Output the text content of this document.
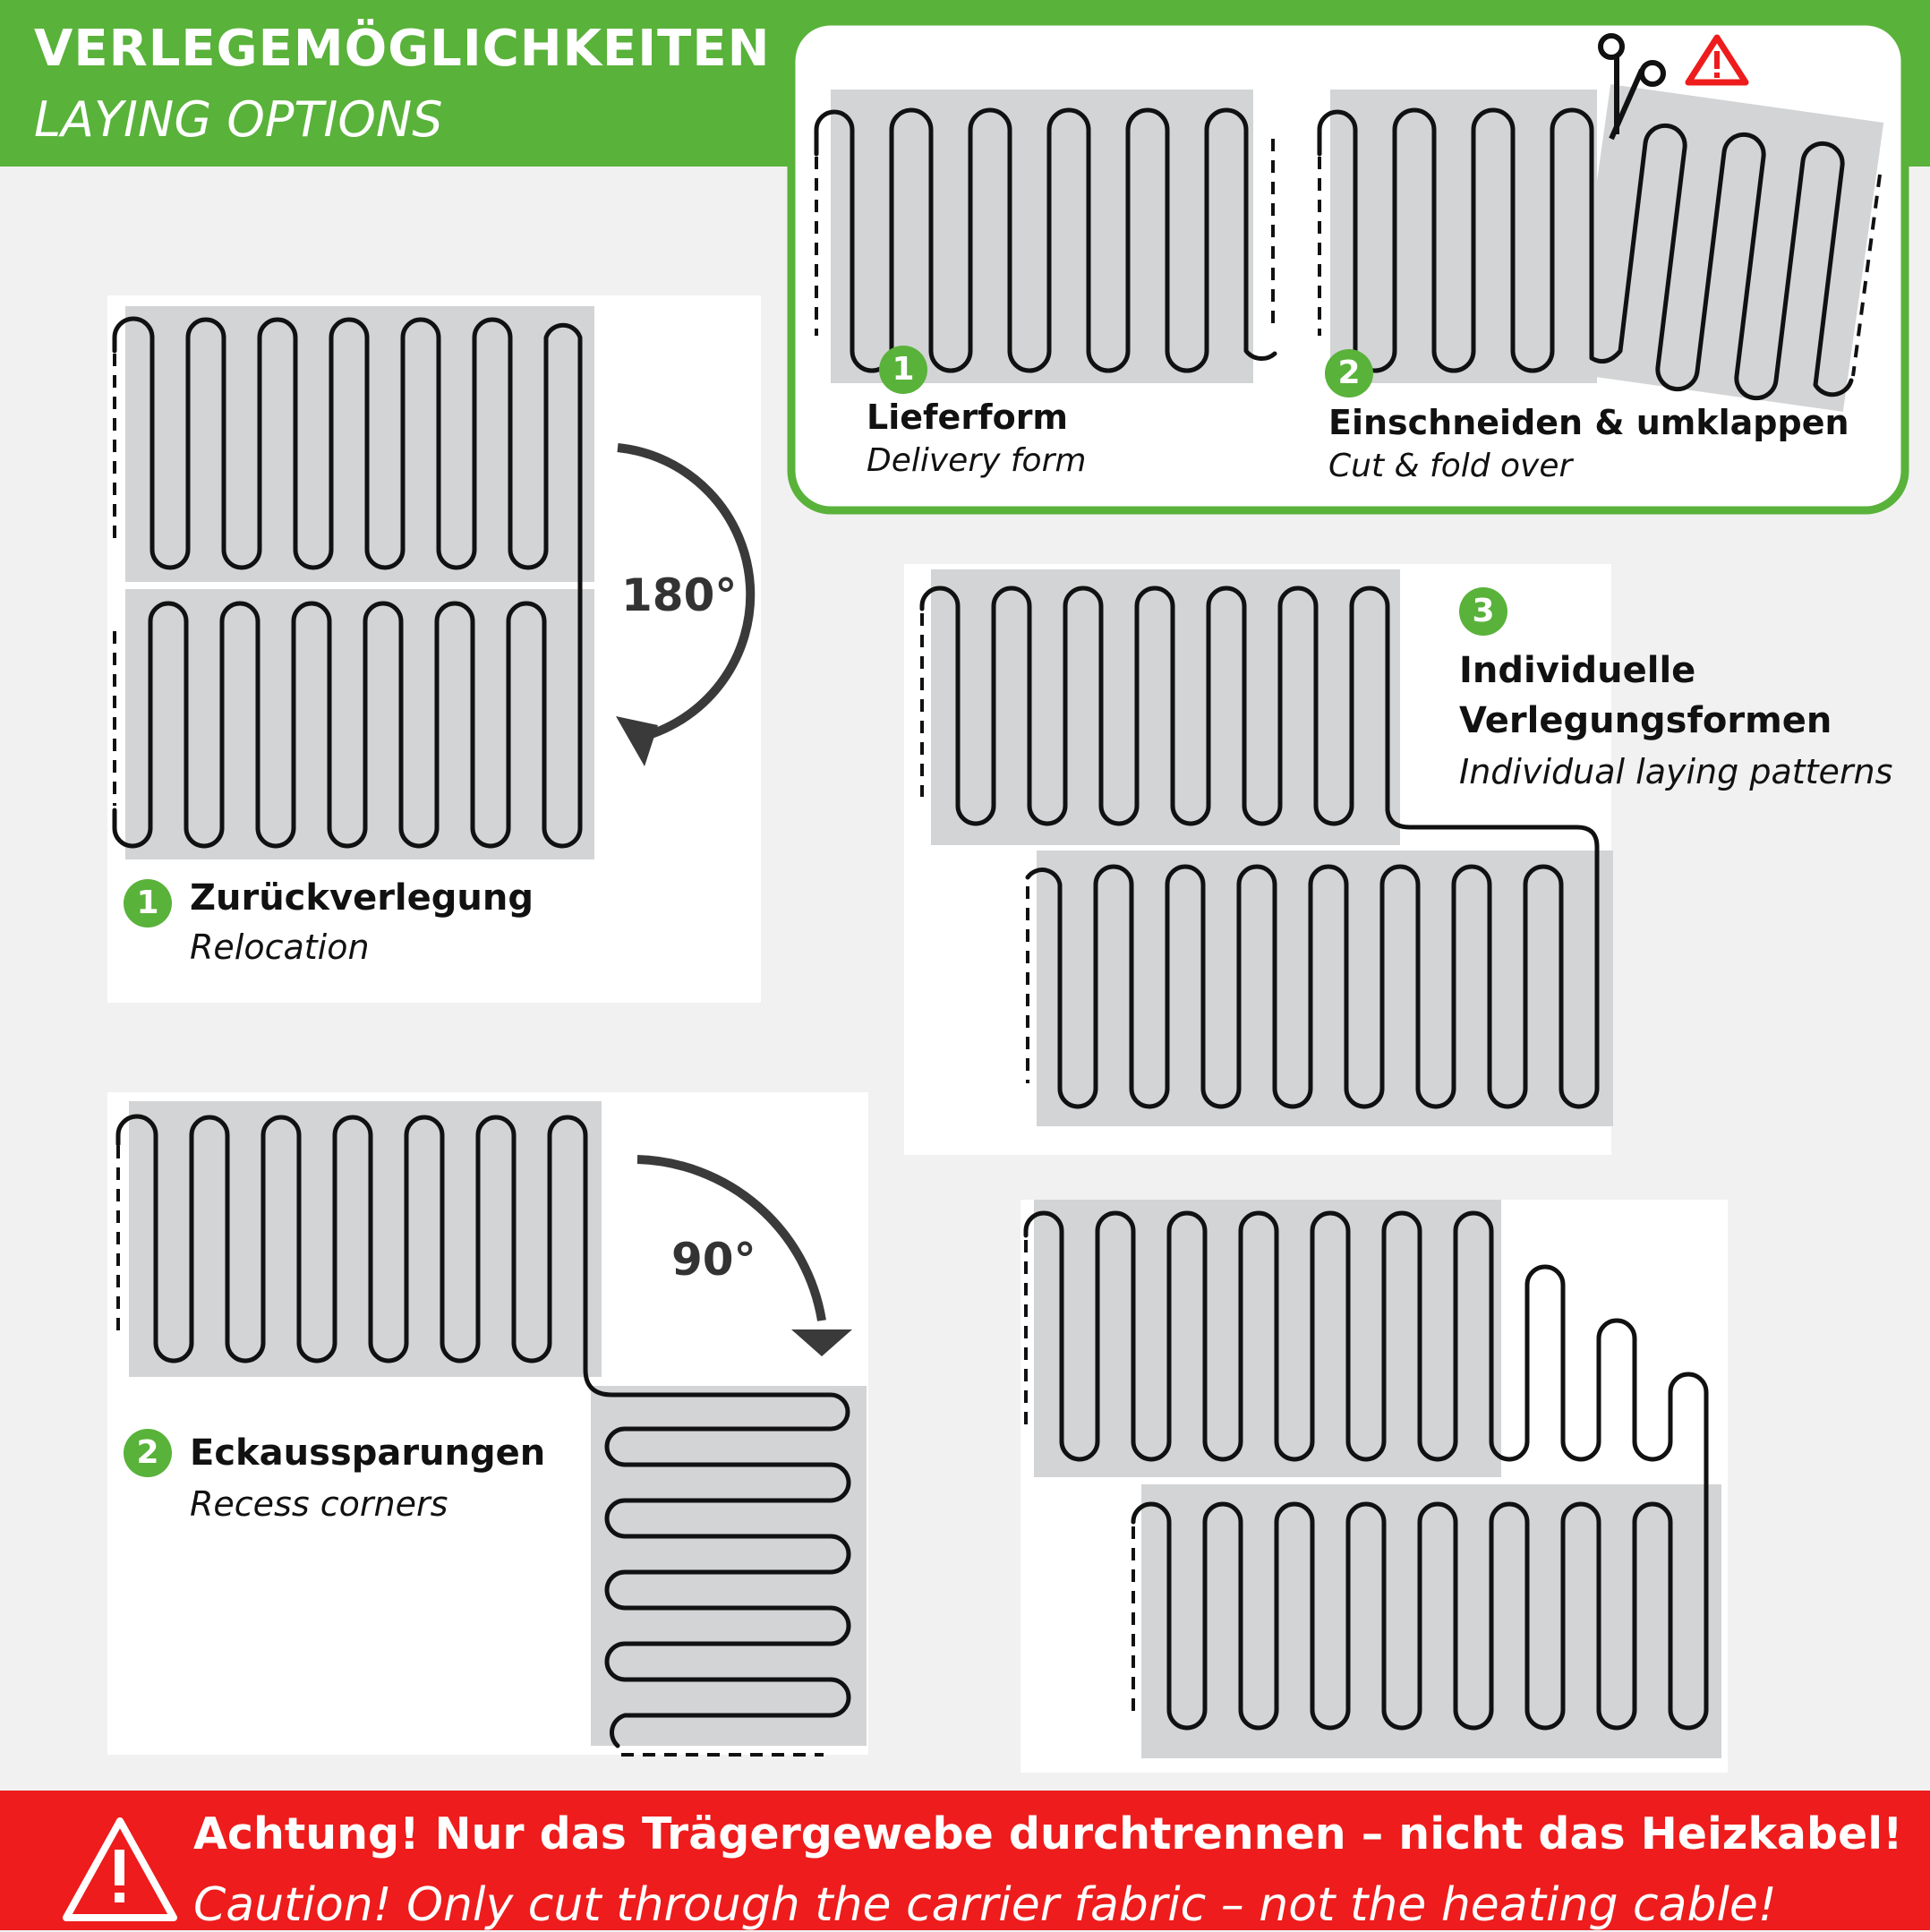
VERLEGEMÖGLICHKEITEN
LAYING OPTIONS
1
Lieferform
Delivery form
2
Einschneiden & umklappen
Cut & fold over
180°
1 Zurückverlegung
Relocation
90°
2 Eckaussparungen
Recess corners
3
Individuelle
Verlegungsformen
Individual laying patterns
Achtung! Nur das Trägergewebe durchtrennen – nicht das Heizkabel!
Caution! Only cut through the carrier fabric – not the heating cable!
